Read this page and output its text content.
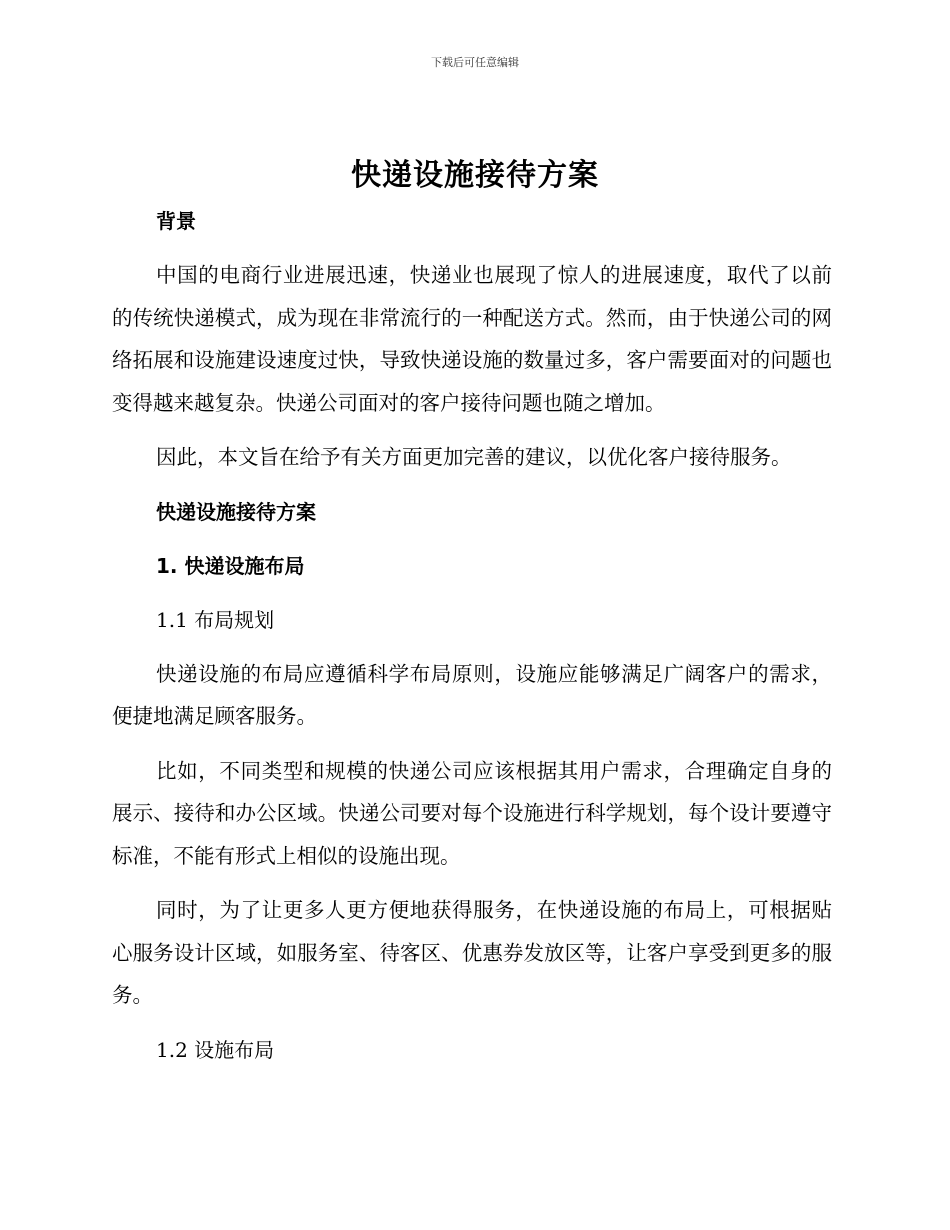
下载后可任意编辑
快递设施接待方案

背景

中国的电商行业进展迅速，快递业也展现了惊人的进展速度，取代了以前的传统快递模式，成为现在非常流行的一种配送方式。然而，由于快递公司的网络拓展和设施建设速度过快，导致快递设施的数量过多，客户需要面对的问题也变得越来越复杂。快递公司面对的客户接待问题也随之增加。

因此，本文旨在给予有关方面更加完善的建议，以优化客户接待服务。

快递设施接待方案

1. 快递设施布局

1.1 布局规划

快递设施的布局应遵循科学布局原则，设施应能够满足广阔客户的需求，便捷地满足顾客服务。

比如，不同类型和规模的快递公司应该根据其用户需求，合理确定自身的展示、接待和办公区域。快递公司要对每个设施进行科学规划，每个设计要遵守标准，不能有形式上相似的设施出现。

同时，为了让更多人更方便地获得服务，在快递设施的布局上，可根据贴心服务设计区域，如服务室、待客区、优惠券发放区等，让客户享受到更多的服务。

1.2 设施布局
